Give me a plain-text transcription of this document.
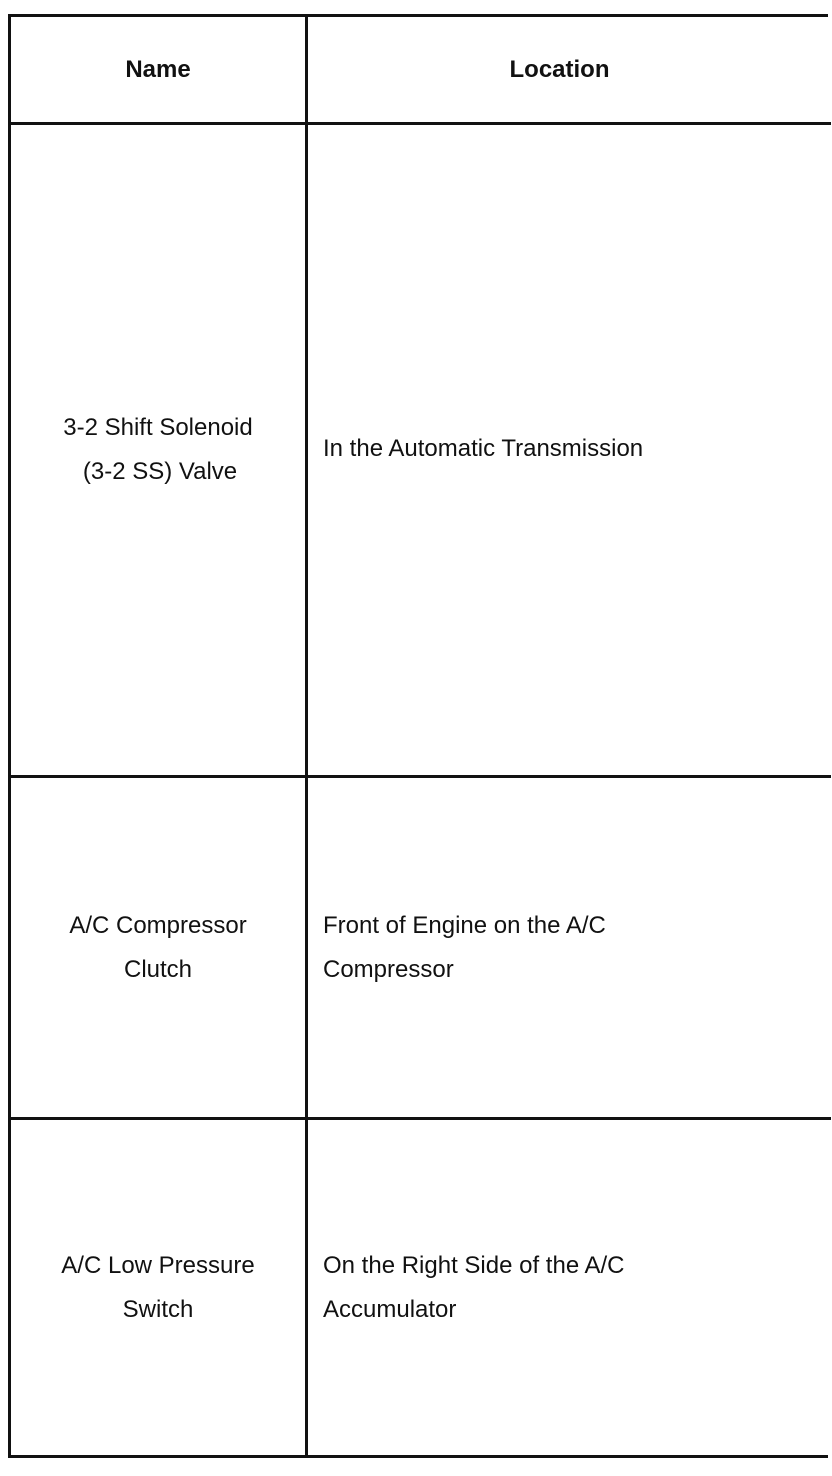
Name	Location
3-2 Shift Solenoid
(3-2 SS) Valve
In the Automatic Transmission
A/C Compressor
Clutch
Front of Engine on the A/C
Compressor
A/C Low Pressure
Switch
On the Right Side of the A/C
Accumulator
